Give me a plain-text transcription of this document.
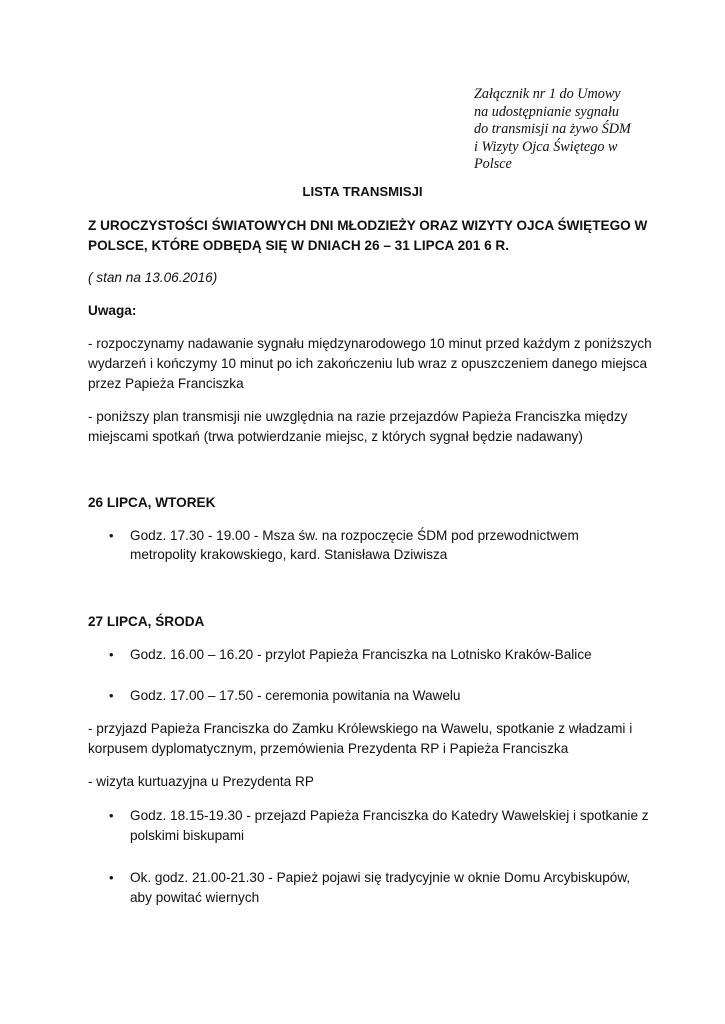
Załącznik nr 1 do Umowy
na udostępnianie sygnału
do transmisji na żywo ŚDM
i Wizyty Ojca Świętego w
Polsce
LISTA TRANSMISJI
Z UROCZYSTOŚCI ŚWIATOWYCH DNI MŁODZIEŻY ORAZ WIZYTY OJCA ŚWIĘTEGO W
POLSCE, KTÓRE ODBĘDĄ SIĘ W DNIACH 26 – 31 LIPCA 201 6 R.
( stan na 13.06.2016)
Uwaga:
- rozpoczynamy nadawanie sygnału międzynarodowego 10 minut przed każdym z poniższych
wydarzeń i kończymy 10 minut po ich zakończeniu lub wraz z opuszczeniem danego miejsca
przez Papieża Franciszka
- poniższy plan transmisji nie uwzględnia na razie przejazdów Papieża Franciszka między
miejscami spotkań (trwa potwierdzanie miejsc, z których sygnał będzie nadawany)
26 LIPCA, WTOREK
• Godz. 17.30 - 19.00 - Msza św. na rozpoczęcie ŚDM pod przewodnictwem
metropolity krakowskiego, kard. Stanisława Dziwisza
27 LIPCA, ŚRODA
• Godz. 16.00 – 16.20 - przylot Papieża Franciszka na Lotnisko Kraków-Balice
• Godz. 17.00 – 17.50 - ceremonia powitania na Wawelu
- przyjazd Papieża Franciszka do Zamku Królewskiego na Wawelu, spotkanie z władzami i
korpusem dyplomatycznym, przemówienia Prezydenta RP i Papieża Franciszka
- wizyta kurtuazyjna u Prezydenta RP
• Godz. 18.15-19.30 - przejazd Papieża Franciszka do Katedry Wawelskiej i spotkanie z
polskimi biskupami
• Ok. godz. 21.00-21.30 - Papież pojawi się tradycyjnie w oknie Domu Arcybiskupów,
aby powitać wiernych
